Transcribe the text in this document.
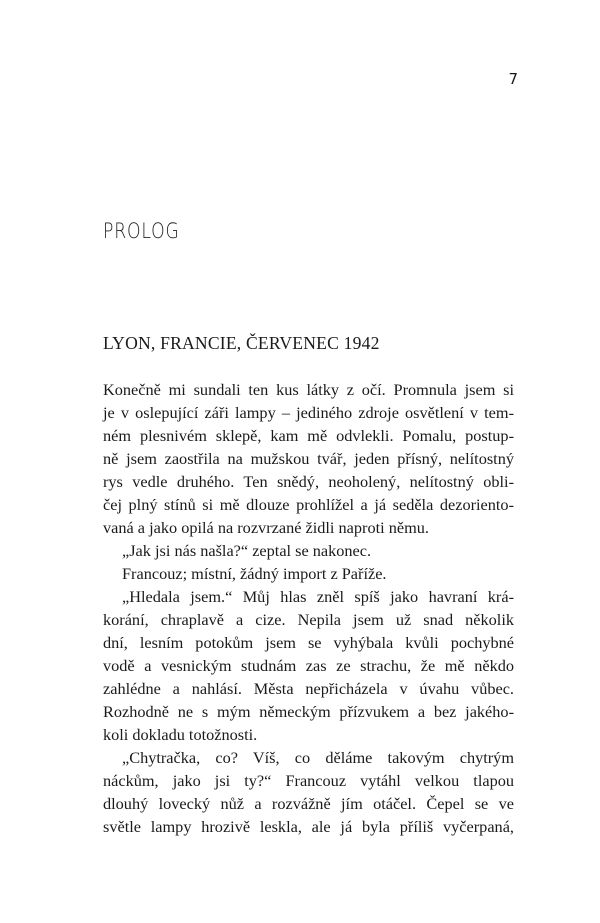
7
PROLOG
LYON, FRANCIE, ČERVENEC 1942
Konečně mi sundali ten kus látky z očí. Promnula jsem si
je v oslepující záři lampy – jediného zdroje osvětlení v tem-
ném plesnivém sklepě, kam mě odvlekli. Pomalu, postup-
ně jsem zaostřila na mužskou tvář, jeden přísný, nelítostný
rys vedle druhého. Ten snědý, neoholený, nelítostný obli-
čej plný stínů si mě dlouze prohlížel a já seděla dezoriento-
vaná a jako opilá na rozvrzané židli naproti němu.
„Jak jsi nás našla?“ zeptal se nakonec.
Francouz; místní, žádný import z Paříže.
„Hledala jsem.“ Můj hlas zněl spíš jako havraní krá-
korání, chraplavě a cize. Nepila jsem už snad několik
dní, lesním potokům jsem se vyhýbala kvůli pochybné
vodě a vesnickým studnám zas ze strachu, že mě někdo
zahlédne a nahlásí. Města nepřicházela v úvahu vůbec.
Rozhodně ne s mým německým přízvukem a bez jakého-
koli dokladu totožnosti.
„Chytračka, co? Víš, co děláme takovým chytrým
náckům, jako jsi ty?“ Francouz vytáhl velkou tlapou
dlouhý lovecký nůž a rozvážně jím otáčel. Čepel se ve
světle lampy hrozivě leskla, ale já byla příliš vyčerpaná,
